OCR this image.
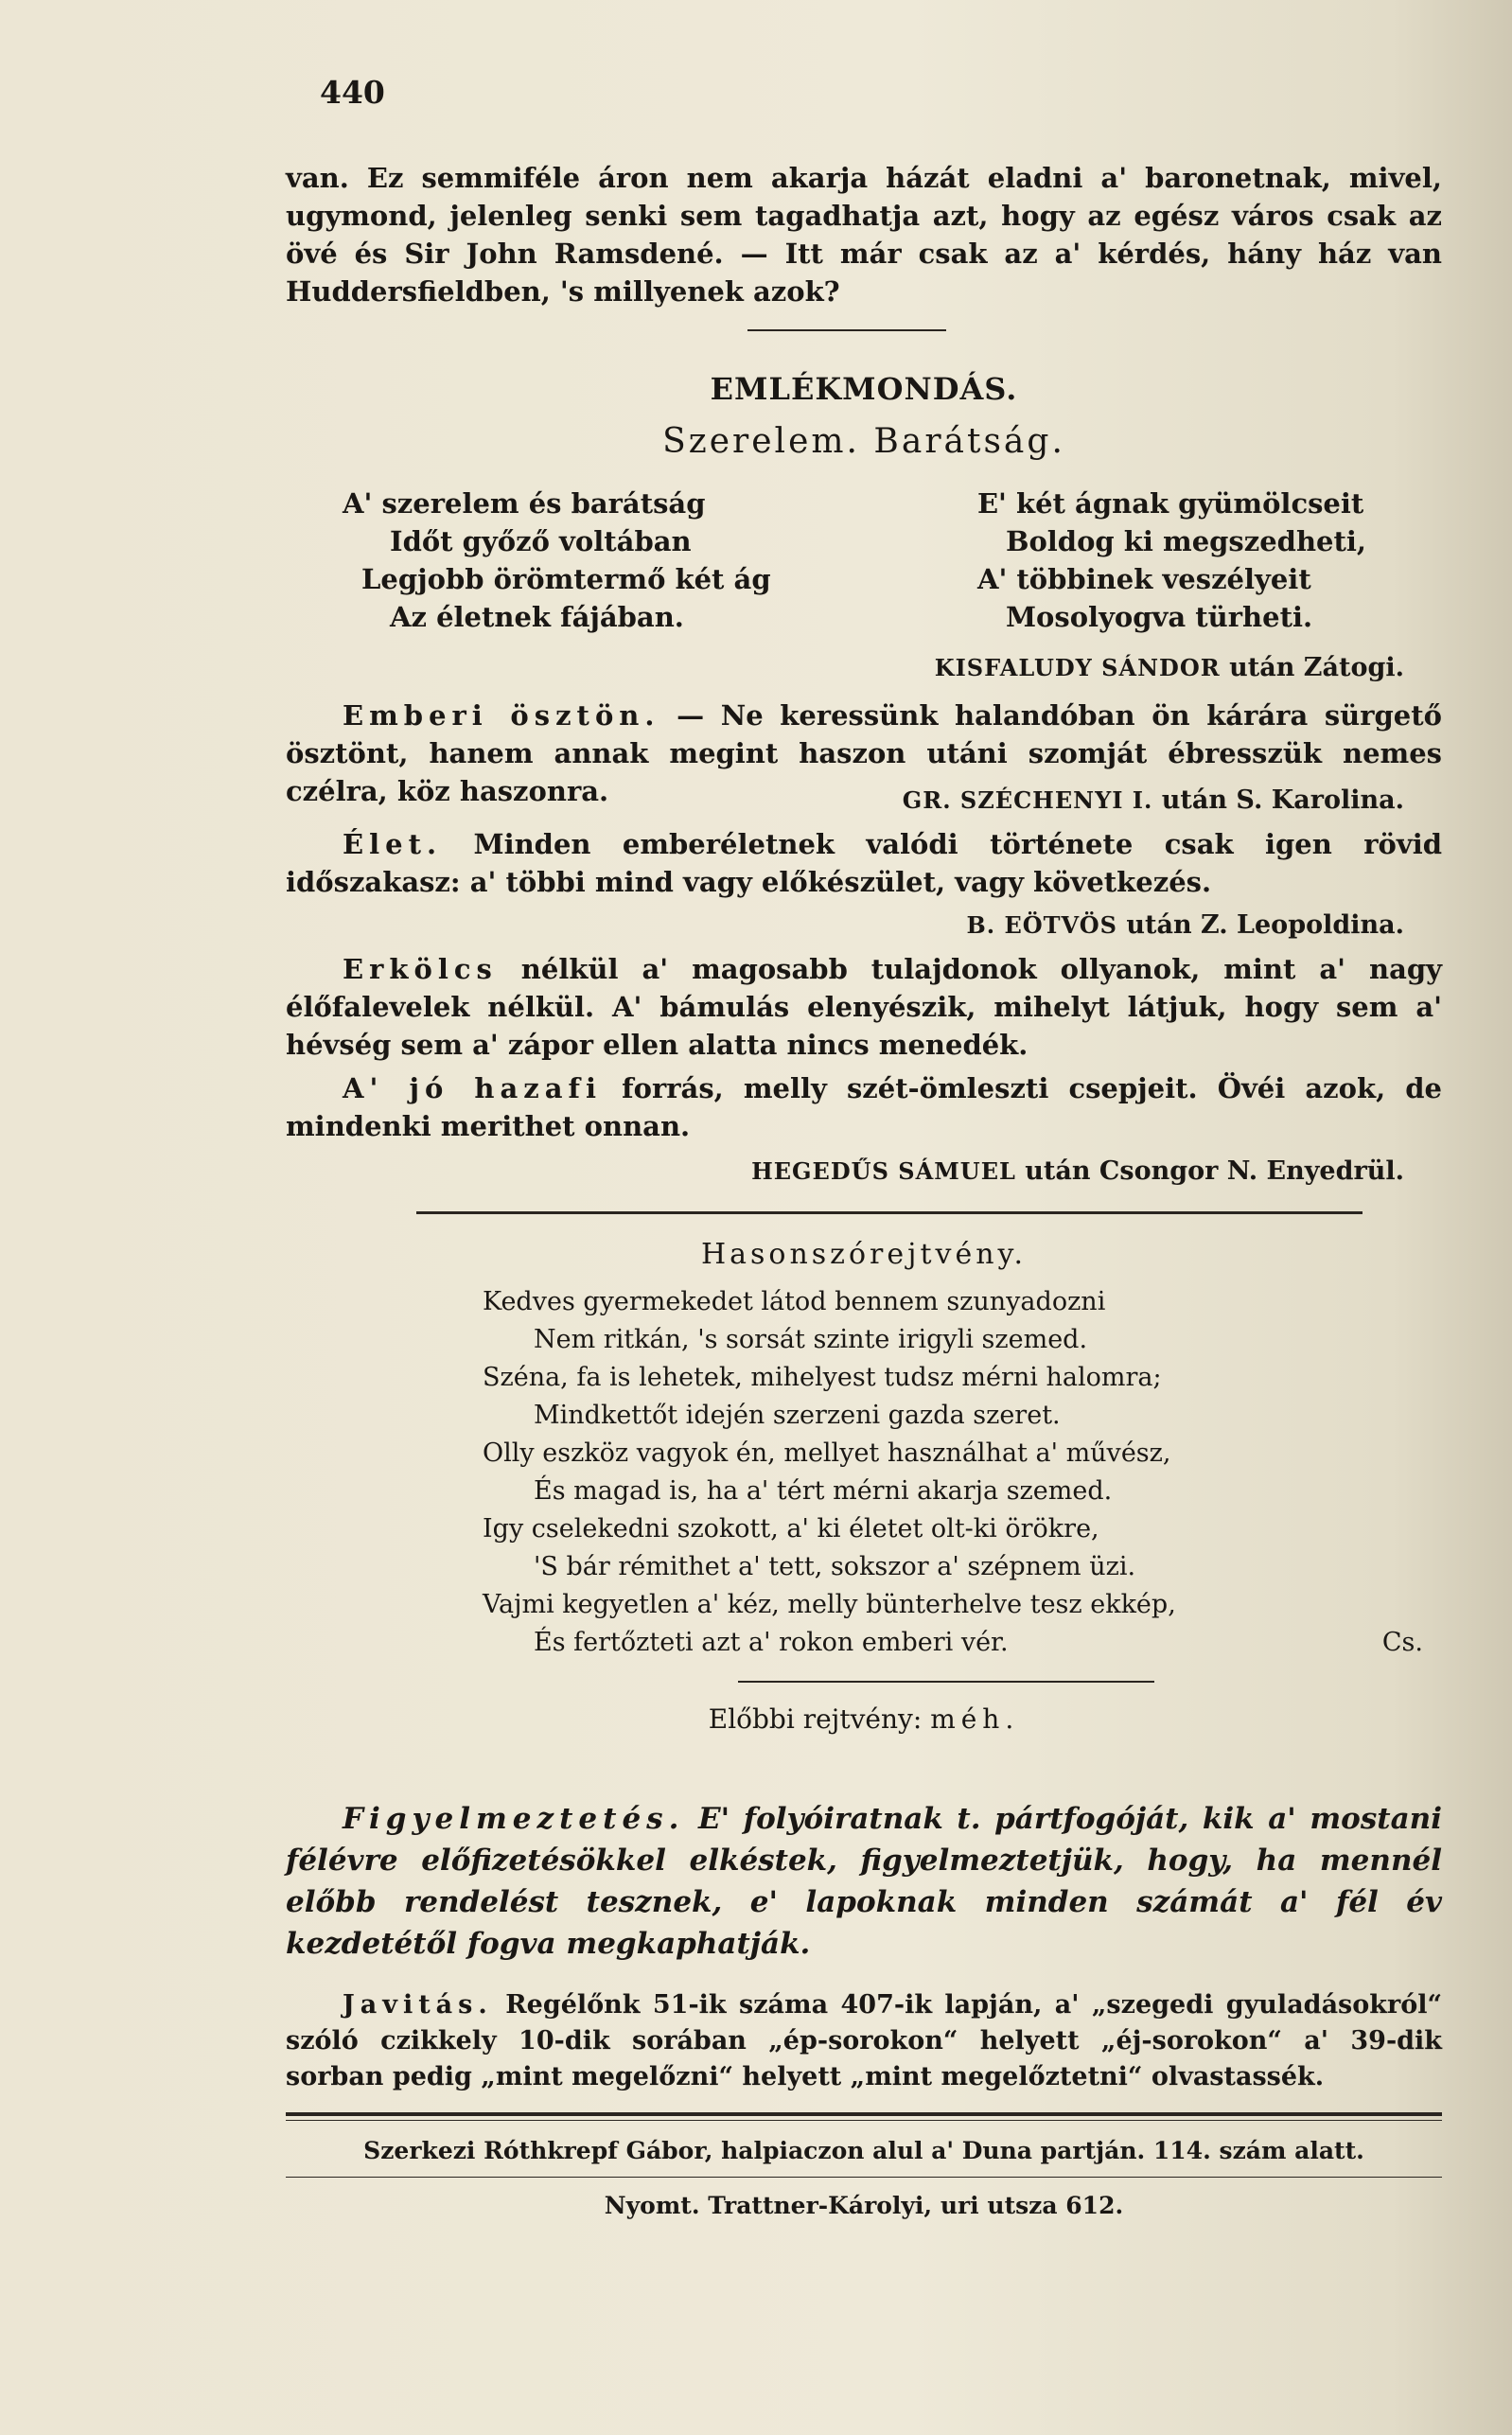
440

van. Ez semmiféle áron nem akarja házát eladni a' baronetnak, mivel, ugymond, jelenleg senki sem tagadhatja azt, hogy az egész város csak az övé és Sir John Ramsdené. — Itt már csak az a' kérdés, hány ház van Huddersfieldben, 's millyenek azok?

EMLÉKMONDÁS.
Szerelem. Barátság.
A' szerelem és barátság
Időt győző voltában
Legjobb örömtermő két ág
Az életnek fájában.
E' két ágnak gyümölcseit
Boldog ki megszedheti,
A' többinek veszélyeit
Mosolyogva türheti.
KISFALUDY SÁNDOR után Zátogi.

Emberi ösztön. — Ne keressünk halandóban ön kárára sürgető ösztönt, hanem annak megint haszon utáni szomját ébresszük nemes czélra, köz haszonra.	GR. SZÉCHENYI I. után S. Karolina.

Élet. Minden emberéletnek valódi története csak igen rövid időszakasz: a' többi mind vagy előkészület, vagy következés.

B. EÖTVÖS után Z. Leopoldina.

Erkölcs nélkül a' magosabb tulajdonok ollyanok, mint a' nagy élőfalevelek nélkül. A' bámulás elenyészik, mihelyt látjuk, hogy sem a' hévség sem a' zápor ellen alatta nincs menedék.

A' jó hazafi forrás, melly szét-ömleszti csepjeit. Övéi azok, de mindenki merithet onnan.

HEGEDŰS SÁMUEL után Csongor N. Enyedrül.
Hasonszórejtvény.
Kedves gyermekedet látod bennem szunyadozni
Nem ritkán, 's sorsát szinte irigyli szemed.
Széna, fa is lehetek, mihelyest tudsz mérni halomra;
Mindkettőt idején szerzeni gazda szeret.
Olly eszköz vagyok én, mellyet használhat a' művész,
És magad is, ha a' tért mérni akarja szemed.
Igy cselekedni szokott, a' ki életet olt-ki örökre,
'S bár rémithet a' tett, sokszor a' szépnem üzi.
Vajmi kegyetlen a' kéz, melly bünterhelve tesz ekkép,
És fertőzteti azt a' rokon emberi vér.	Cs.
Előbbi rejtvény: méh.

Figyelmeztetés. E' folyóiratnak t. pártfogóját, kik a' mostani félévre előfizetésökkel elkéstek, figyelmeztetjük, hogy, ha mennél előbb rendelést tesznek, e' lapoknak minden számát a' fél év kezdetétől fogva megkaphatják.

Javitás. Regélőnk 51-ik száma 407-ik lapján, a' „szegedi gyuladásokról“ szóló czikkely 10-dik sorában „ép-sorokon“ helyett „éj-sorokon“ a' 39-dik sorban pedig „mint megelőzni“ helyett „mint megelőztetni“ olvastassék.

Szerkezi Róthkrepf Gábor, halpiaczon alul a' Duna partján. 114. szám alatt.
Nyomt. Trattner-Károlyi, uri utsza 612.
